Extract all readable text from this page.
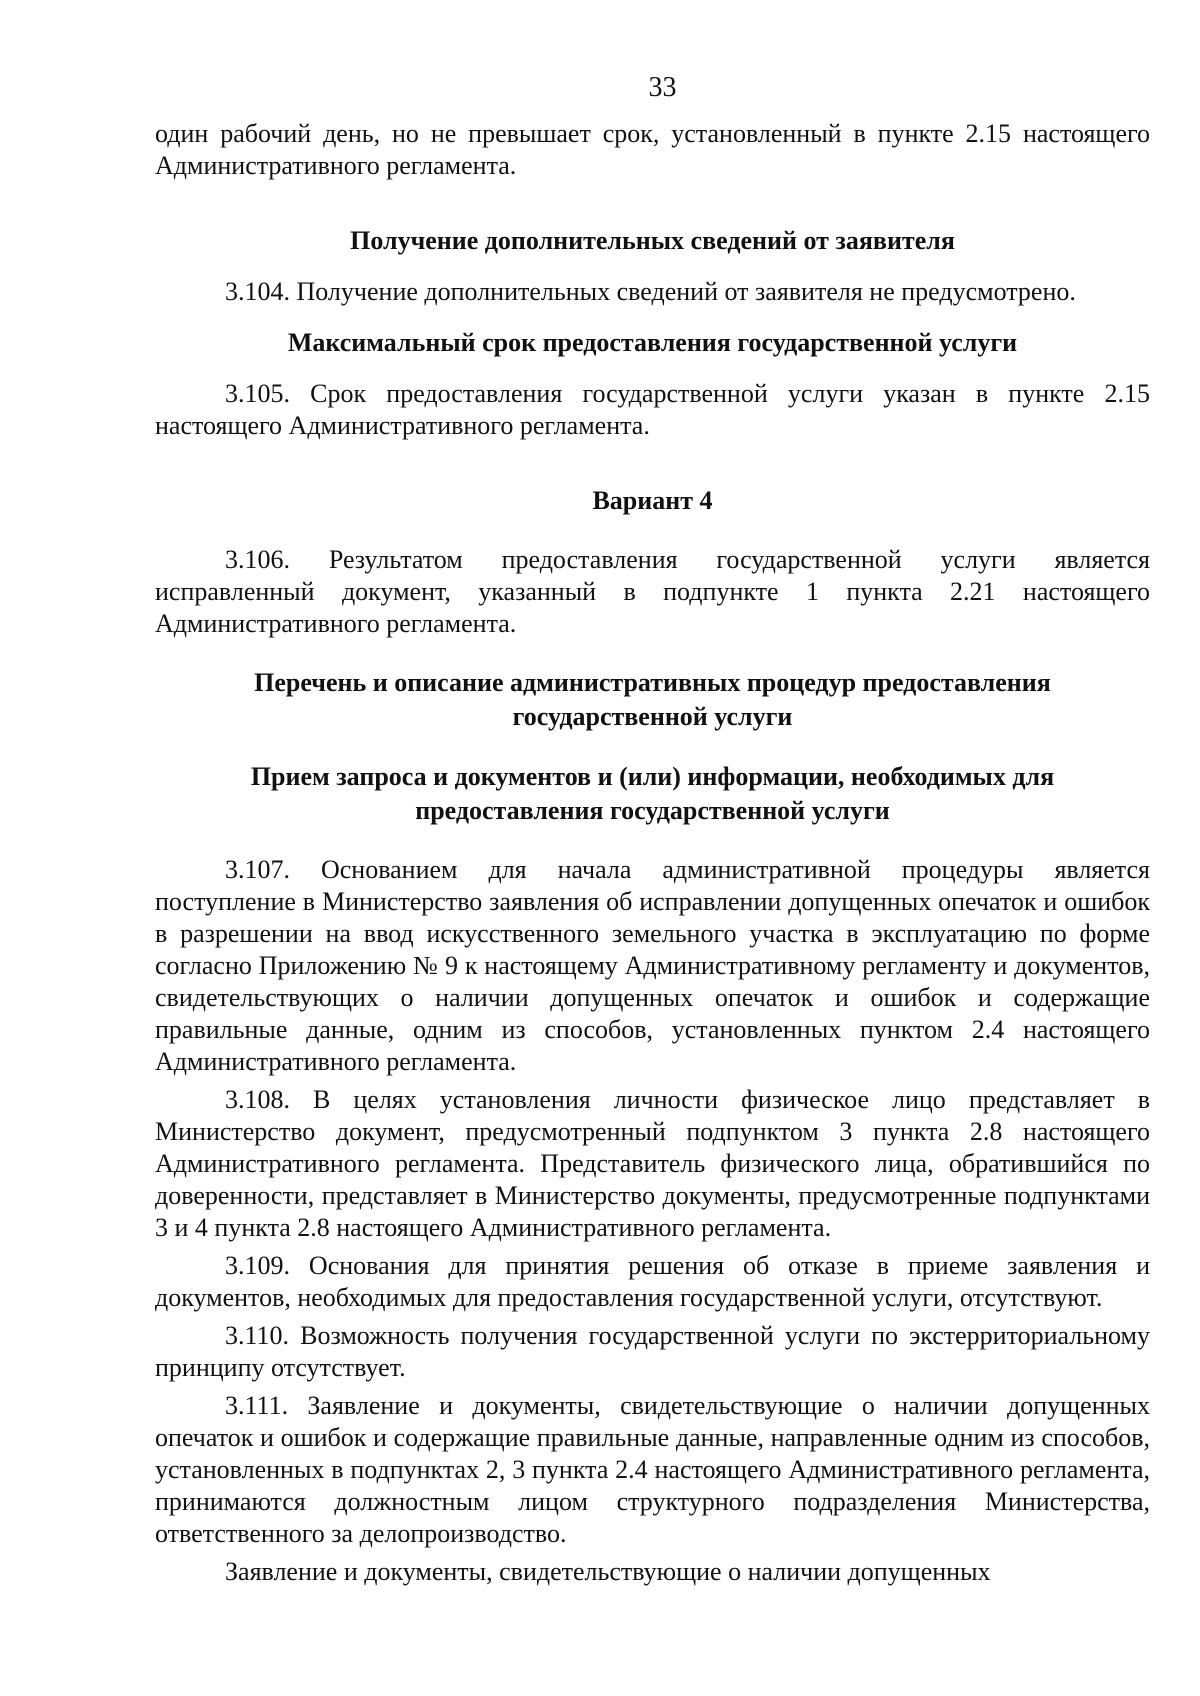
33

один рабочий день, но не превышает срок, установленный в пункте 2.15 настоящего Административного регламента.

Получение дополнительных сведений от заявителя

3.104. Получение дополнительных сведений от заявителя не предусмотрено.

Максимальный срок предоставления государственной услуги

3.105. Срок предоставления государственной услуги указан в пункте 2.15 настоящего Административного регламента.

Вариант 4

3.106. Результатом предоставления государственной услуги является исправленный документ, указанный в подпункте 1 пункта 2.21 настоящего Административного регламента.

Перечень и описание административных процедур предоставления государственной услуги
Прием запроса и документов и (или) информации, необходимых для предоставления государственной услуги

3.107. Основанием для начала административной процедуры является поступление в Министерство заявления об исправлении допущенных опечаток и ошибок в разрешении на ввод искусственного земельного участка в эксплуатацию по форме согласно Приложению № 9 к настоящему Административному регламенту и документов, свидетельствующих о наличии допущенных опечаток и ошибок и содержащие правильные данные, одним из способов, установленных пунктом 2.4 настоящего Административного регламента.

3.108. В целях установления личности физическое лицо представляет в Министерство документ, предусмотренный подпунктом 3 пункта 2.8 настоящего Административного регламента. Представитель физического лица, обратившийся по доверенности, представляет в Министерство документы, предусмотренные подпунктами 3 и 4 пункта 2.8 настоящего Административного регламента.

3.109. Основания для принятия решения об отказе в приеме заявления и документов, необходимых для предоставления государственной услуги, отсутствуют.

3.110. Возможность получения государственной услуги по экстерриториальному принципу отсутствует.

3.111. Заявление и документы, свидетельствующие о наличии допущенных опечаток и ошибок и содержащие правильные данные, направленные одним из способов, установленных в подпунктах 2, 3 пункта 2.4 настоящего Административного регламента, принимаются должностным лицом структурного подразделения Министерства, ответственного за делопроизводство.

Заявление и документы, свидетельствующие о наличии допущенных
